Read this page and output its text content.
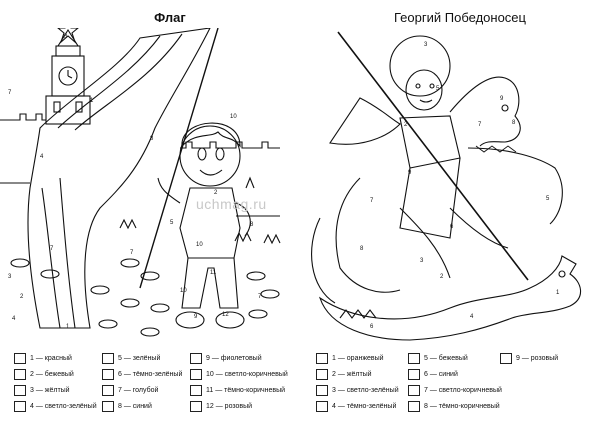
Флаг
3
7
1
4
8
10
10
5
11
10
2
9	12
7
3
2
7
8
1
7
4
1 — красный
2 — бежевый
3 — жёлтый
4 — светло-зелёный
5 — зелёный
6 — тёмно-зелёный
7 — голубой
8 — синий
9 — фиолетовый
10 — светло-коричневый
11 — тёмно-коричневый
12 — розовый
Георгий Победоносец
3
5
2
9
8
7
7
9
6
5
8
3
2
4
6
1
1 — оранжевый
2 — жёлтый
3 — светло-зелёный
4 — тёмно-зелёный
5 — бежевый
6 — синий
7 — светло-коричневый
8 — тёмно-коричневый
9 — розовый
uchmag.ru
